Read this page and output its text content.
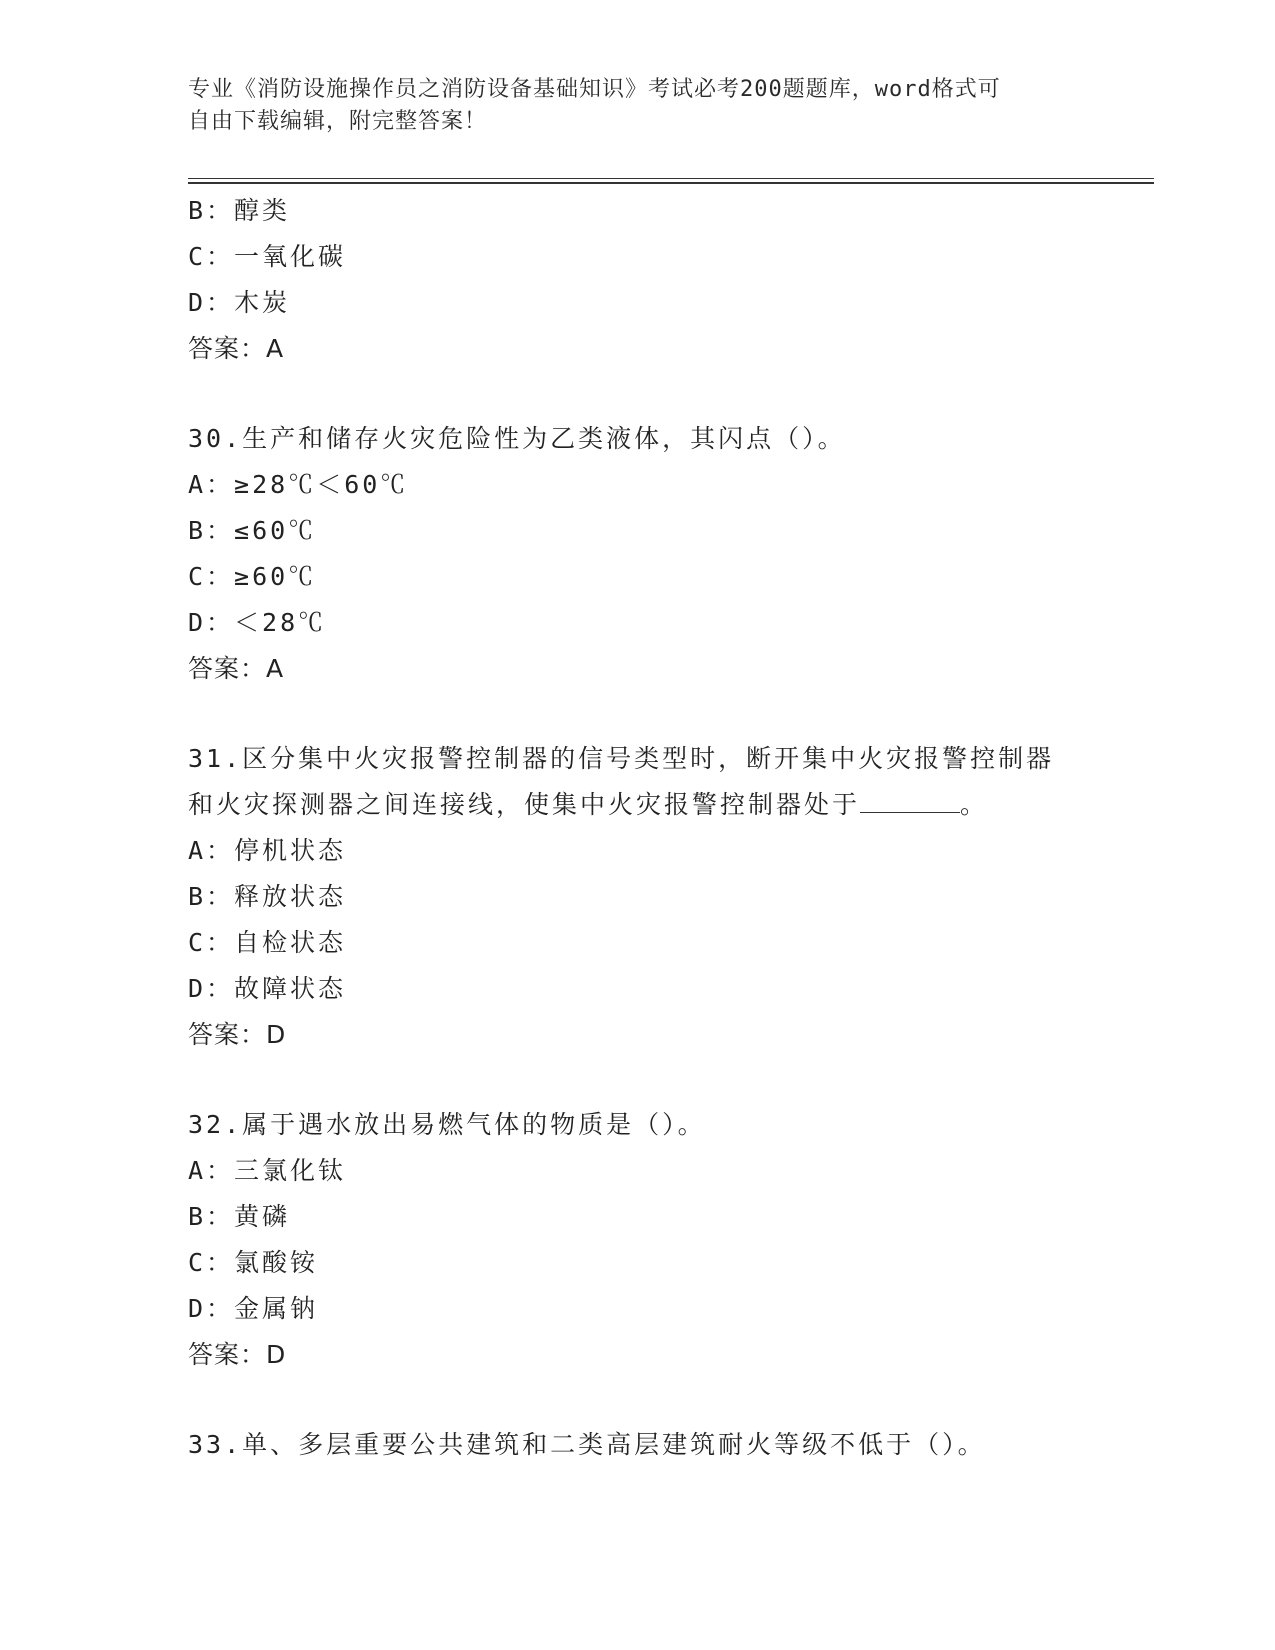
专业《消防设施操作员之消防设备基础知识》考试必考200题题库，word格式可
自由下载编辑，附完整答案！
B：醇类
C：一氧化碳
D：木炭
答案：A
30.生产和储存火灾危险性为乙类液体，其闪点（）。
A：≥28℃＜60℃
B：≤60℃
C：≥60℃
D：＜28℃
答案：A
31.区分集中火灾报警控制器的信号类型时，断开集中火灾报警控制器
和火灾探测器之间连接线，使集中火灾报警控制器处于	。
A：停机状态
B：释放状态
C：自检状态
D：故障状态
答案：D
32.属于遇水放出易燃气体的物质是（）。
A：三氯化钛
B：黄磷
C：氯酸铵
D：金属钠
答案：D
33.单、多层重要公共建筑和二类高层建筑耐火等级不低于（）。
